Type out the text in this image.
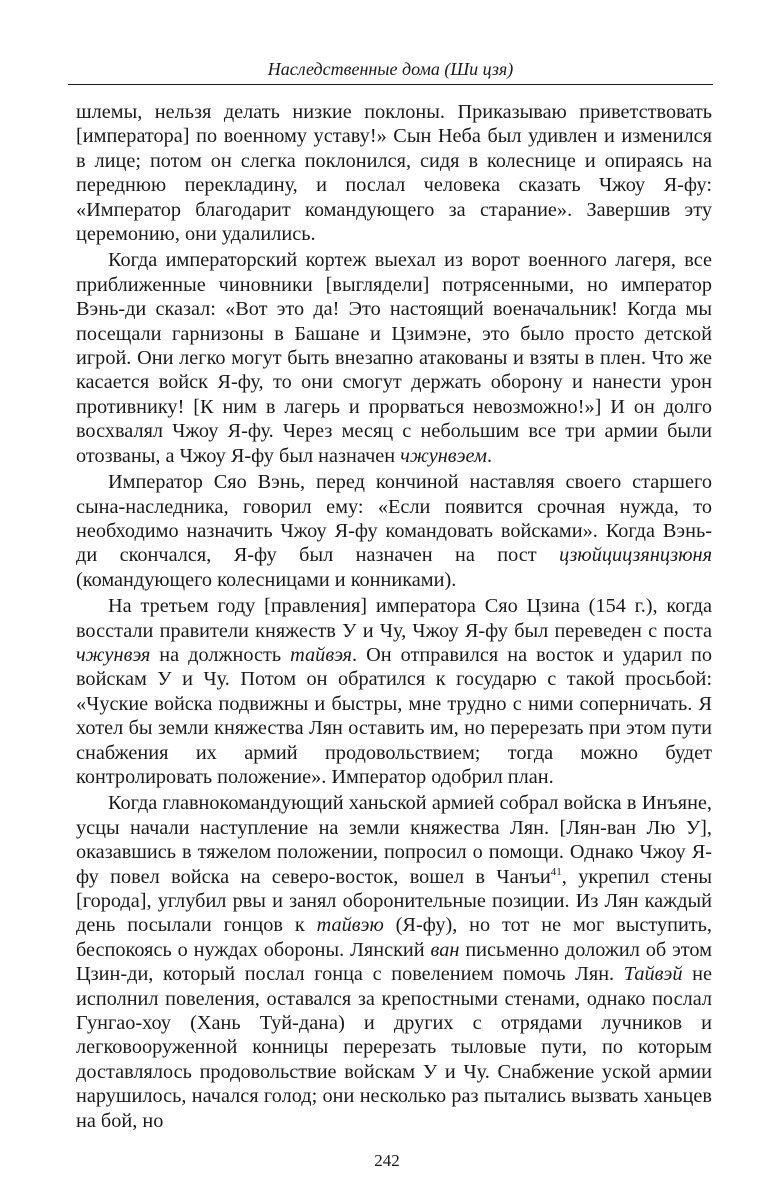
Наследственные дома (Ши цзя)

шлемы, нельзя делать низкие поклоны. Приказываю приветствовать [императора] по военному уставу!» Сын Неба был удивлен и изменился в лице; потом он слегка поклонился, сидя в колеснице и опираясь на переднюю перекладину, и послал человека сказать Чжоу Я-фу: «Император благодарит командующего за старание». Завершив эту церемонию, они удалились.

Когда императорский кортеж выехал из ворот военного лагеря, все приближенные чиновники [выглядели] потрясенными, но император Вэнь-ди сказал: «Вот это да! Это настоящий военачальник! Когда мы посещали гарнизоны в Башане и Цзимэне, это было просто детской игрой. Они легко могут быть внезапно атакованы и взяты в плен. Что же касается войск Я-фу, то они смогут держать оборону и нанести урон противнику! [К ним в лагерь и прорваться невозможно!»] И он долго восхвалял Чжоу Я-фу. Через месяц с небольшим все три армии были отозваны, а Чжоу Я-фу был назначен чжунвэем.

Император Сяо Вэнь, перед кончиной наставляя своего старшего сына-наследника, говорил ему: «Если появится срочная нужда, то необходимо назначить Чжоу Я-фу командовать войсками». Когда Вэнь-ди скончался, Я-фу был назначен на пост цзюйцицзянцзюня (командующего колесницами и конниками).

На третьем году [правления] императора Сяо Цзина (154 г.), когда восстали правители княжеств У и Чу, Чжоу Я-фу был переведен с поста чжунвэя на должность тайвэя. Он отправился на восток и ударил по войскам У и Чу. Потом он обратился к государю с такой просьбой: «Чуские войска подвижны и быстры, мне трудно с ними соперничать. Я хотел бы земли княжества Лян оставить им, но перерезать при этом пути снабжения их армий продовольствием; тогда можно будет контролировать положение». Император одобрил план.

Когда главнокомандующий ханьской армией собрал войска в Инъяне, усцы начали наступление на земли княжества Лян. [Лян-ван Лю У], оказавшись в тяжелом положении, попросил о помощи. Однако Чжоу Я-фу повел войска на северо-восток, вошел в Чанъи$^{41}$, укрепил стены [города], углубил рвы и занял оборонительные позиции. Из Лян каждый день посылали гонцов к тайвэю (Я-фу), но тот не мог выступить, беспокоясь о нуждах обороны. Лянский ван письменно доложил об этом Цзин-ди, который послал гонца с повелением помочь Лян. Тайвэй не исполнил повеления, оставался за крепостными стенами, однако послал Гунгао-хоу (Хань Туй-дана) и других с отрядами лучников и легковооруженной конницы перерезать тыловые пути, по которым доставлялось продовольствие войскам У и Чу. Снабжение уской армии нарушилось, начался голод; они несколько раз пытались вызвать ханьцев на бой, но

242
